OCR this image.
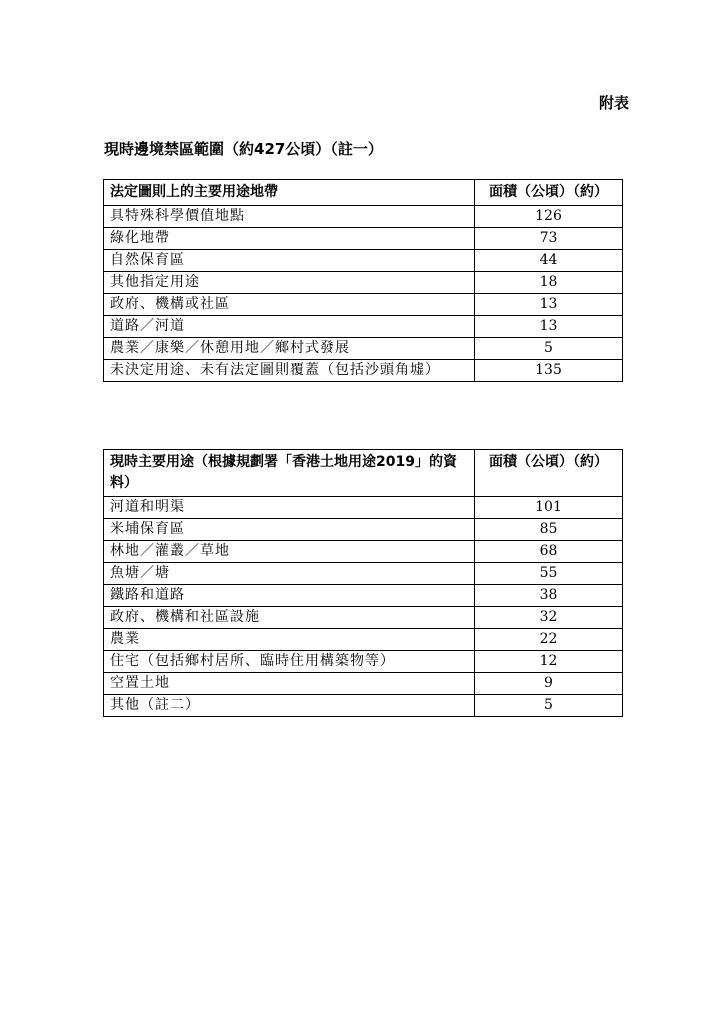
附表
現時邊境禁區範圍（約427公頃）（註一）
法定圖則上的主要用途地帶	面積（公頃）（約）
具特殊科學價值地點	126
綠化地帶	73
自然保育區	44
其他指定用途	18
政府、機構或社區	13
道路／河道	13
農業／康樂／休憩用地／鄉村式發展	5
未決定用途、未有法定圖則覆蓋（包括沙頭角墟）	135
現時主要用途（根據規劃署「香港土地用途2019」的資料）	面積（公頃）（約）
河道和明渠	101
米埔保育區	85
林地／灌叢／草地	68
魚塘／塘	55
鐵路和道路	38
政府、機構和社區設施	32
農業	22
住宅（包括鄉村居所、臨時住用構築物等）	12
空置土地	9
其他（註二）	5
